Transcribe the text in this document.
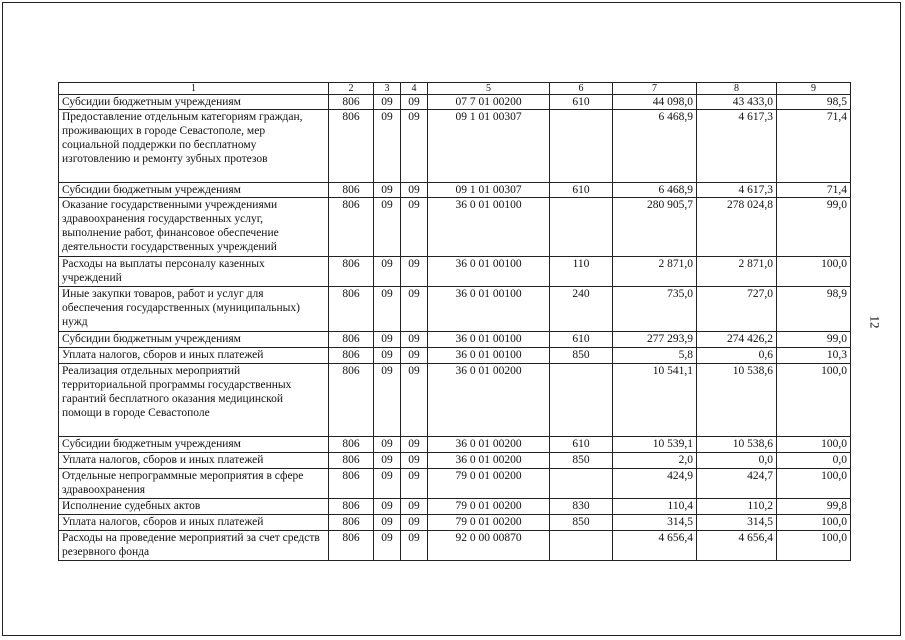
12
1	2	3	4	5	6	7	8	9
Субсидии бюджетным учреждениям	806	09	09	07 7 01 00200	610	44 098,0	43 433,0	98,5
Предоставление отдельным категориям граждан, проживающих в городе Севастополе, мер социальной поддержки по бесплатному изготовлению и ремонту зубных протезов	806	09	09	09 1 01 00307		6 468,9	4 617,3	71,4
Субсидии бюджетным учреждениям	806	09	09	09 1 01 00307	610	6 468,9	4 617,3	71,4
Оказание государственными учреждениями здравоохранения государственных услуг, выполнение работ, финансовое обеспечение деятельности государственных учреждений	806	09	09	36 0 01 00100		280 905,7	278 024,8	99,0
Расходы на выплаты персоналу казенных учреждений	806	09	09	36 0 01 00100	110	2 871,0	2 871,0	100,0
Иные закупки товаров, работ и услуг для обеспечения государственных (муниципальных) нужд	806	09	09	36 0 01 00100	240	735,0	727,0	98,9
Субсидии бюджетным учреждениям	806	09	09	36 0 01 00100	610	277 293,9	274 426,2	99,0
Уплата налогов, сборов и иных платежей	806	09	09	36 0 01 00100	850	5,8	0,6	10,3
Реализация отдельных мероприятий территориальной программы государственных гарантий бесплатного оказания медицинской помощи в городе Севастополе	806	09	09	36 0 01 00200		10 541,1	10 538,6	100,0
Субсидии бюджетным учреждениям	806	09	09	36 0 01 00200	610	10 539,1	10 538,6	100,0
Уплата налогов, сборов и иных платежей	806	09	09	36 0 01 00200	850	2,0	0,0	0,0
Отдельные непрограммные мероприятия в сфере здравоохранения	806	09	09	79 0 01 00200		424,9	424,7	100,0
Исполнение судебных актов	806	09	09	79 0 01 00200	830	110,4	110,2	99,8
Уплата налогов, сборов и иных платежей	806	09	09	79 0 01 00200	850	314,5	314,5	100,0
Расходы на проведение мероприятий за счет средств резервного фонда	806	09	09	92 0 00 00870		4 656,4	4 656,4	100,0
